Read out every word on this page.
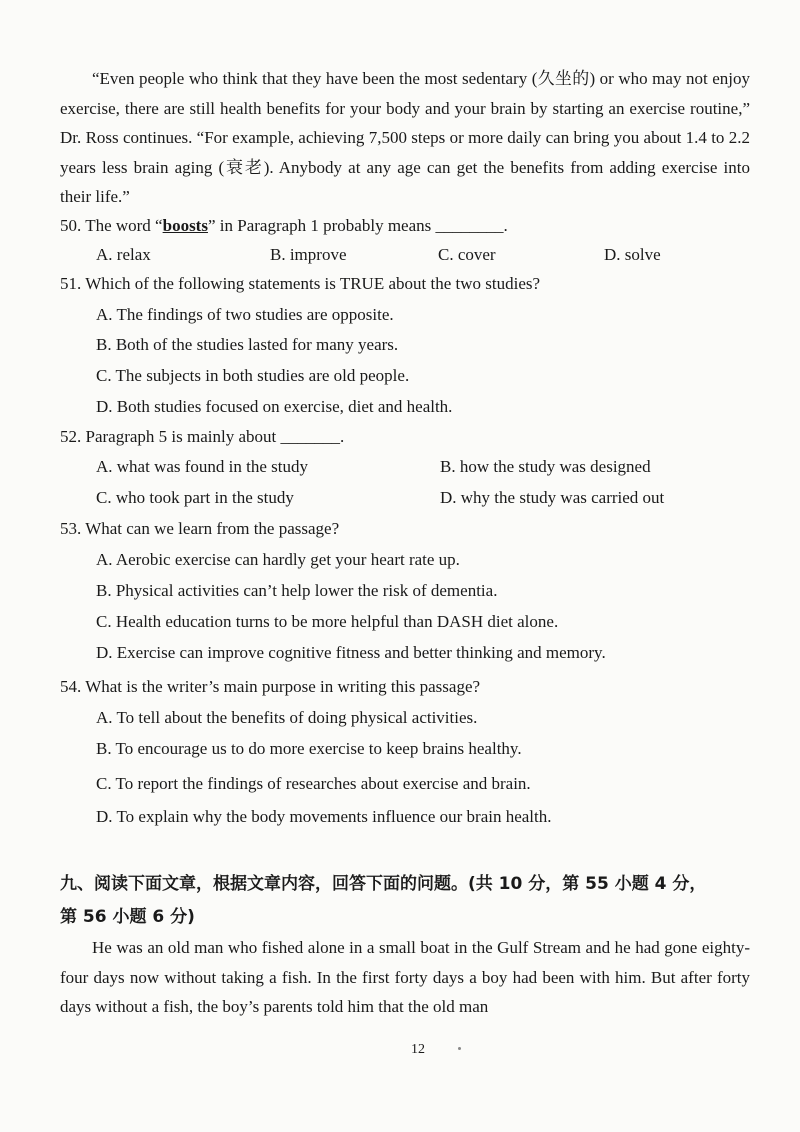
“Even people who think that they have been the most sedentary (久坐的) or who may not enjoy exercise, there are still health benefits for your body and your brain by starting an exercise routine,” Dr. Ross continues. “For example, achieving 7,500 steps or more daily can bring you about 1.4 to 2.2 years less brain aging (衰老). Anybody at any age can get the benefits from adding exercise into their life.”

50. The word “boosts” in Paragraph 1 probably means ________.
A. relax	B. improve	C. cover	D. solve
51. Which of the following statements is TRUE about the two studies?
A. The findings of two studies are opposite.
B. Both of the studies lasted for many years.
C. The subjects in both studies are old people.
D. Both studies focused on exercise, diet and health.
52. Paragraph 5 is mainly about _______.
A. what was found in the study	B. how the study was designed
C. who took part in the study	D. why the study was carried out
53. What can we learn from the passage?
A. Aerobic exercise can hardly get your heart rate up.
B. Physical activities can’t help lower the risk of dementia.
C. Health education turns to be more helpful than DASH diet alone.
D. Exercise can improve cognitive fitness and better thinking and memory.
54. What is the writer’s main purpose in writing this passage?
A. To tell about the benefits of doing physical activities.
B. To encourage us to do more exercise to keep brains healthy.
C. To report the findings of researches about exercise and brain.
D. To explain why the body movements influence our brain health.
九、阅读下面文章，根据文章内容，回答下面的问题。(共 10 分，第 55 小题 4 分，
第 56 小题 6 分)

He was an old man who fished alone in a small boat in the Gulf Stream and he had gone eighty-four days now without taking a fish. In the first forty days a boy had been with him. But after forty days without a fish, the boy’s parents told him that the old man

12
